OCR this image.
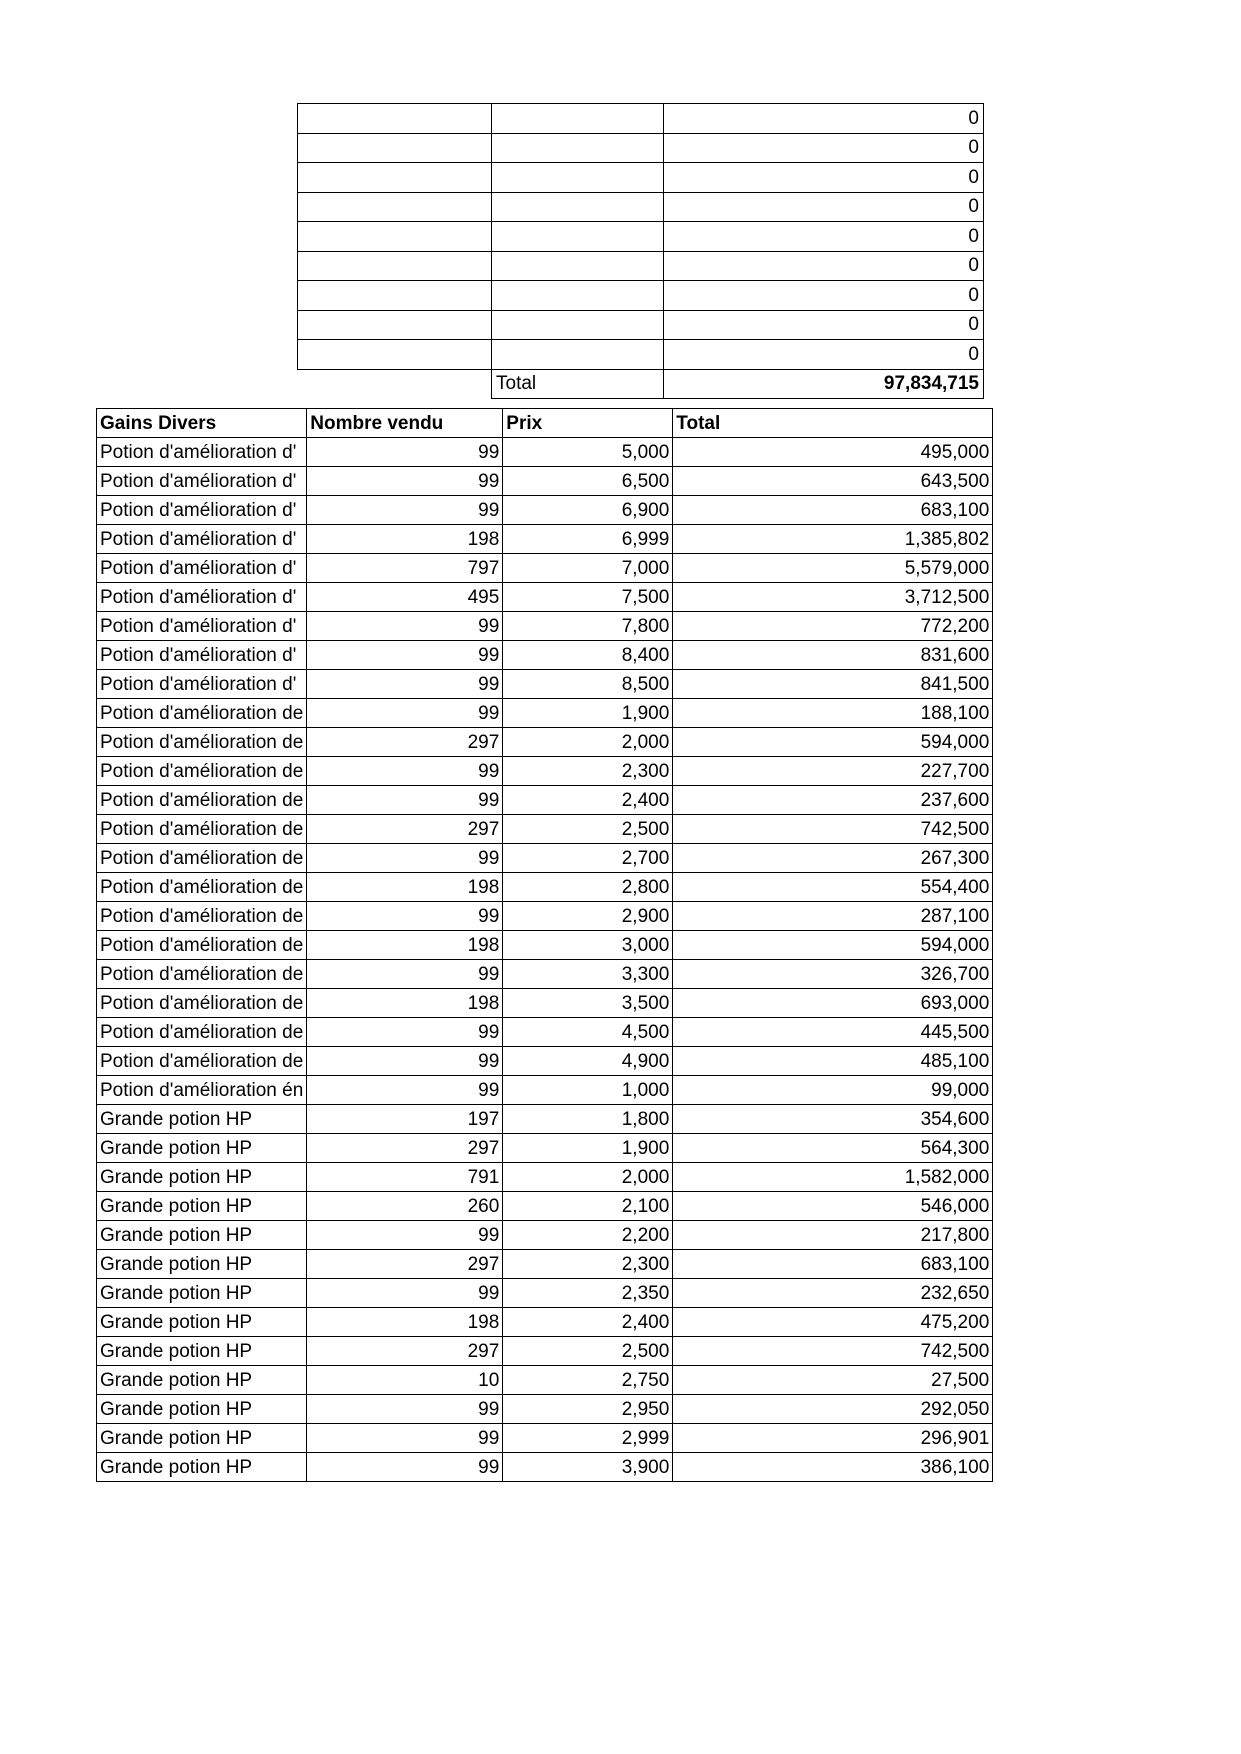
		0
		0
		0
		0
		0
		0
		0
		0
		0
	Total	97,834,715
Gains Divers	Nombre vendu	Prix	Total
Potion d'amélioration d'	99	5,000	495,000
Potion d'amélioration d'	99	6,500	643,500
Potion d'amélioration d'	99	6,900	683,100
Potion d'amélioration d'	198	6,999	1,385,802
Potion d'amélioration d'	797	7,000	5,579,000
Potion d'amélioration d'	495	7,500	3,712,500
Potion d'amélioration d'	99	7,800	772,200
Potion d'amélioration d'	99	8,400	831,600
Potion d'amélioration d'	99	8,500	841,500
Potion d'amélioration de	99	1,900	188,100
Potion d'amélioration de	297	2,000	594,000
Potion d'amélioration de	99	2,300	227,700
Potion d'amélioration de	99	2,400	237,600
Potion d'amélioration de	297	2,500	742,500
Potion d'amélioration de	99	2,700	267,300
Potion d'amélioration de	198	2,800	554,400
Potion d'amélioration de	99	2,900	287,100
Potion d'amélioration de	198	3,000	594,000
Potion d'amélioration de	99	3,300	326,700
Potion d'amélioration de	198	3,500	693,000
Potion d'amélioration de	99	4,500	445,500
Potion d'amélioration de	99	4,900	485,100
Potion d'amélioration én	99	1,000	99,000
Grande potion HP	197	1,800	354,600
Grande potion HP	297	1,900	564,300
Grande potion HP	791	2,000	1,582,000
Grande potion HP	260	2,100	546,000
Grande potion HP	99	2,200	217,800
Grande potion HP	297	2,300	683,100
Grande potion HP	99	2,350	232,650
Grande potion HP	198	2,400	475,200
Grande potion HP	297	2,500	742,500
Grande potion HP	10	2,750	27,500
Grande potion HP	99	2,950	292,050
Grande potion HP	99	2,999	296,901
Grande potion HP	99	3,900	386,100
